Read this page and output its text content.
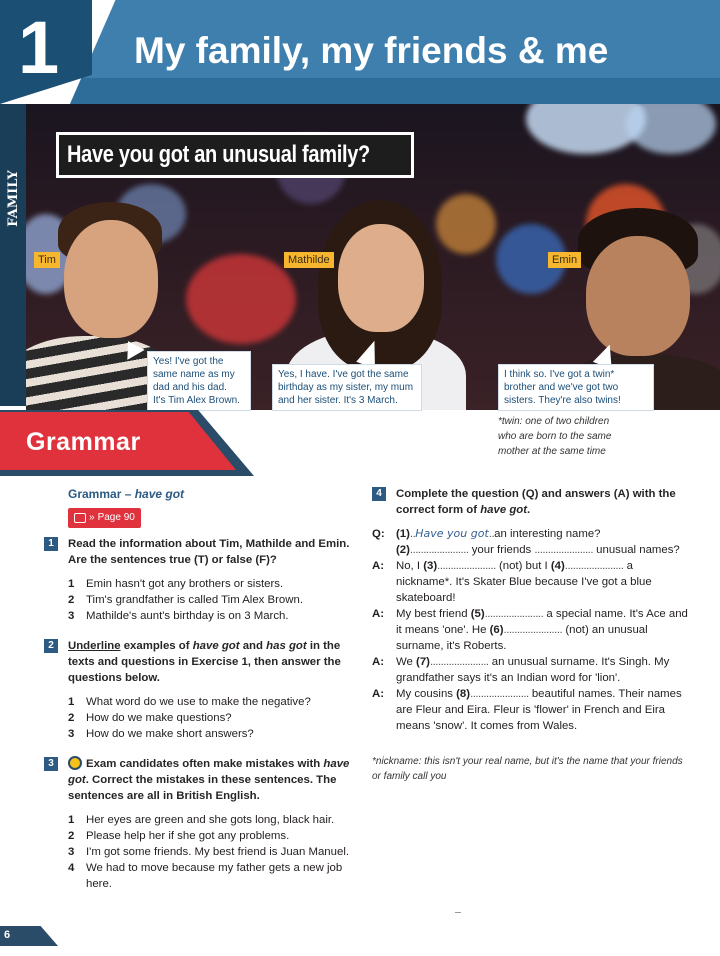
1 My family, my friends & me
FAMILY
Have you got an unusual family?
Tim	Mathilde	Emin
Yes! I've got the
same name as my
dad and his dad.
It's Tim Alex Brown.
Yes, I have. I've got the same
birthday as my sister, my mum
and her sister. It's 3 March.
I think so. I've got a twin*
brother and we've got two
sisters. They're also twins!
*twin: one of two children
who are born to the same
mother at the same time
Grammar
Grammar – have got
» Page 90
1	Read the information about Tim, Mathilde and Emin. Are the sentences true (T) or false (F)?
1 Emin hasn't got any brothers or sisters.
2 Tim's grandfather is called Tim Alex Brown.
3 Mathilde's aunt's birthday is on 3 March.
2	Underline examples of have got and has got in the texts and questions in Exercise 1, then answer the questions below.
1 What word do we use to make the negative?
2 How do we make questions?
3 How do we make short answers?
3	Exam candidates often make mistakes with have got. Correct the mistakes in these sentences. The sentences are all in British English.
1 Her eyes are green and she gots long, black hair.
2 Please help her if she got any problems.
3 I'm got some friends. My best friend is Juan Manuel.
4 We had to move because my father gets a new job here.
4	Complete the question (Q) and answers (A) with the correct form of have got.
Q: (1)..Have you got..an interesting name?
(2)...................... your friends ...................... unusual names?
A:	No, I (3)...................... (not) but I (4)...................... a nickname*. It's Skater Blue because I've got a blue skateboard!
A:	My best friend (5)...................... a special name. It's Ace and it means 'one'. He (6)...................... (not) an unusual surname, it's Roberts.
A:	We (7)...................... an unusual surname. It's Singh. My grandfather says it's an Indian word for 'lion'.
A:	My cousins (8)...................... beautiful names. Their names are Fleur and Eira. Fleur is 'flower' in French and Eira means 'snow'. It comes from Wales.
*nickname: this isn't your real name, but it's the name that your friends or family call you
6
